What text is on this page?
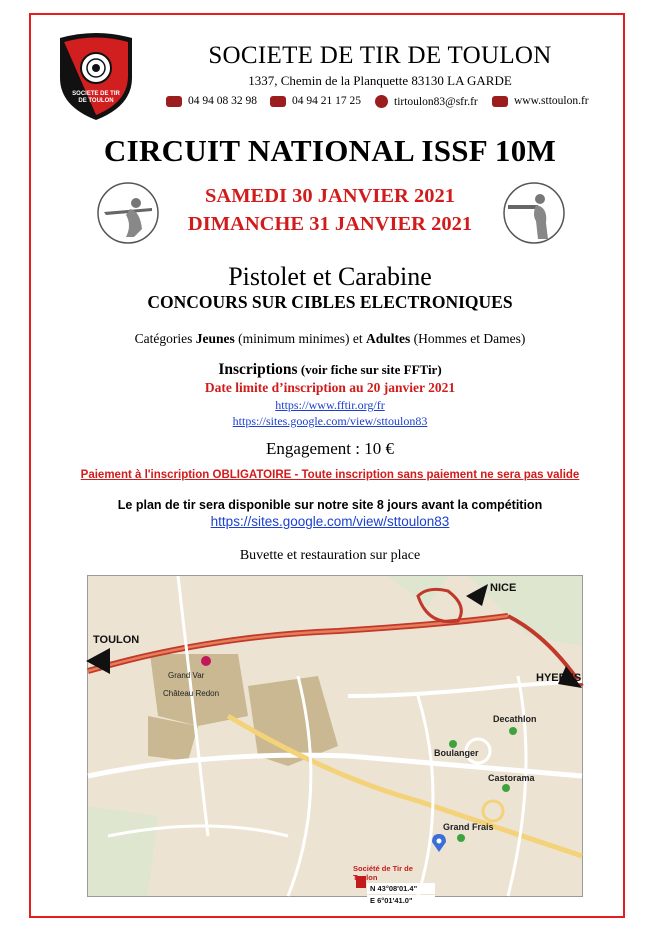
SOCIETE DE TIR
DE TOULON
SOCIETE DE TIR DE TOULON
1337, Chemin de la Planquette 83130 LA GARDE
04 94 08 32 98	04 94 21 17 25	tirtoulon83@sfr.fr	www.sttoulon.fr
CIRCUIT NATIONAL ISSF 10M
SAMEDI 30 JANVIER 2021
DIMANCHE 31 JANVIER 2021
Pistolet et Carabine
CONCOURS SUR CIBLES ELECTRONIQUES
Catégories Jeunes (minimum minimes) et Adultes (Hommes et Dames)
Inscriptions (voir fiche sur site FFTir)
Date limite d’inscription au 20 janvier 2021
https://www.fftir.org/fr
https://sites.google.com/view/sttoulon83
Engagement : 10 €
Paiement à l'inscription OBLIGATOIRE - Toute inscription sans paiement ne sera pas valide
Le plan de tir sera disponible sur notre site 8 jours avant la compétition
https://sites.google.com/view/sttoulon83
Buvette et restauration sur place
TOULON
NICE
HYERES
Decathlon
Boulanger
Castorama
Grand Frais
Grand Var
Château Redon
Société de Tir de Toulon
N 43°08'01.4"
E 6°01'41.0"
